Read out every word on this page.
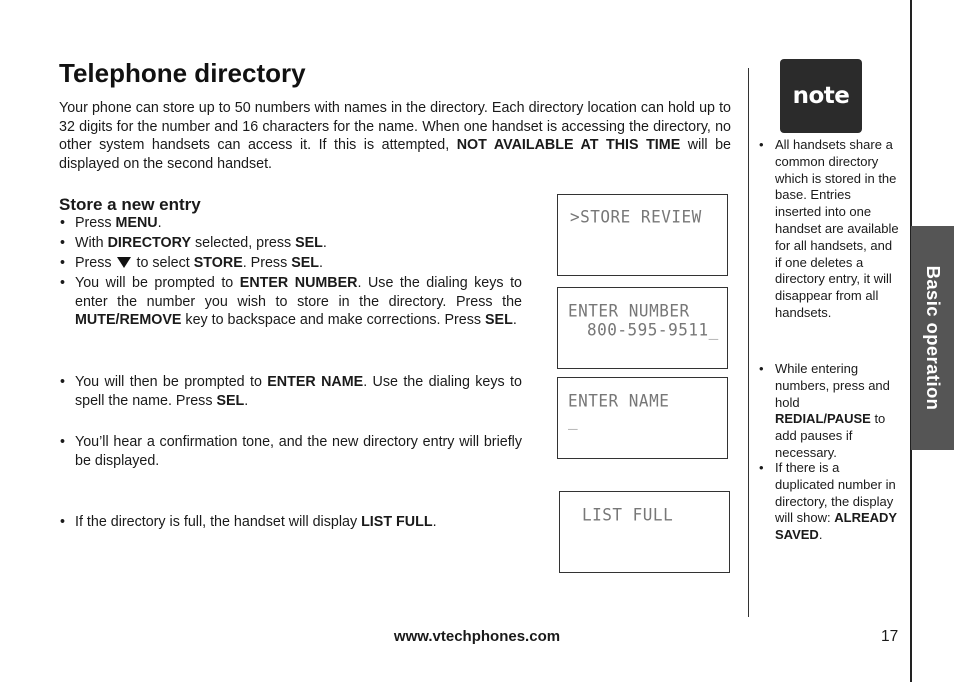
Telephone directory

Your phone can store up to 50 numbers with names in the directory. Each directory location can hold up to 32 digits for the number and 16 characters for the name. When one handset is accessing the directory, no other system handsets can access it. If this is attempted, NOT AVAILABLE AT THIS TIME will be displayed on the second handset.

Store a new entry
• Press MENU.
• With DIRECTORY selected, press SEL.
• Press  to select STORE. Press SEL.
• You will be prompted to ENTER NUMBER. Use the dialing keys to enter the number you wish to store in the directory. Press the MUTE/REMOVE key to backspace and make corrections. Press SEL.
• You will then be prompted to ENTER NAME. Use the dialing keys to spell the name. Press SEL.
• You’ll hear a confirmation tone, and the new directory entry will briefly be displayed.
• If the directory is full, the handset will display LIST FULL.
>STORE REVIEW
ENTER NUMBER
800-595-9511_
ENTER NAME
_
LIST FULL
note
• All handsets share a common directory which is stored in the base. Entries inserted into one handset are available for all handsets, and if one deletes a directory entry, it will disappear from all handsets.
• While entering numbers, press and hold REDIAL/PAUSE to add pauses if necessary.
• If there is a duplicated number in directory, the display will show: ALREADY SAVED.
Basic operation
www.vtechphones.com	17
